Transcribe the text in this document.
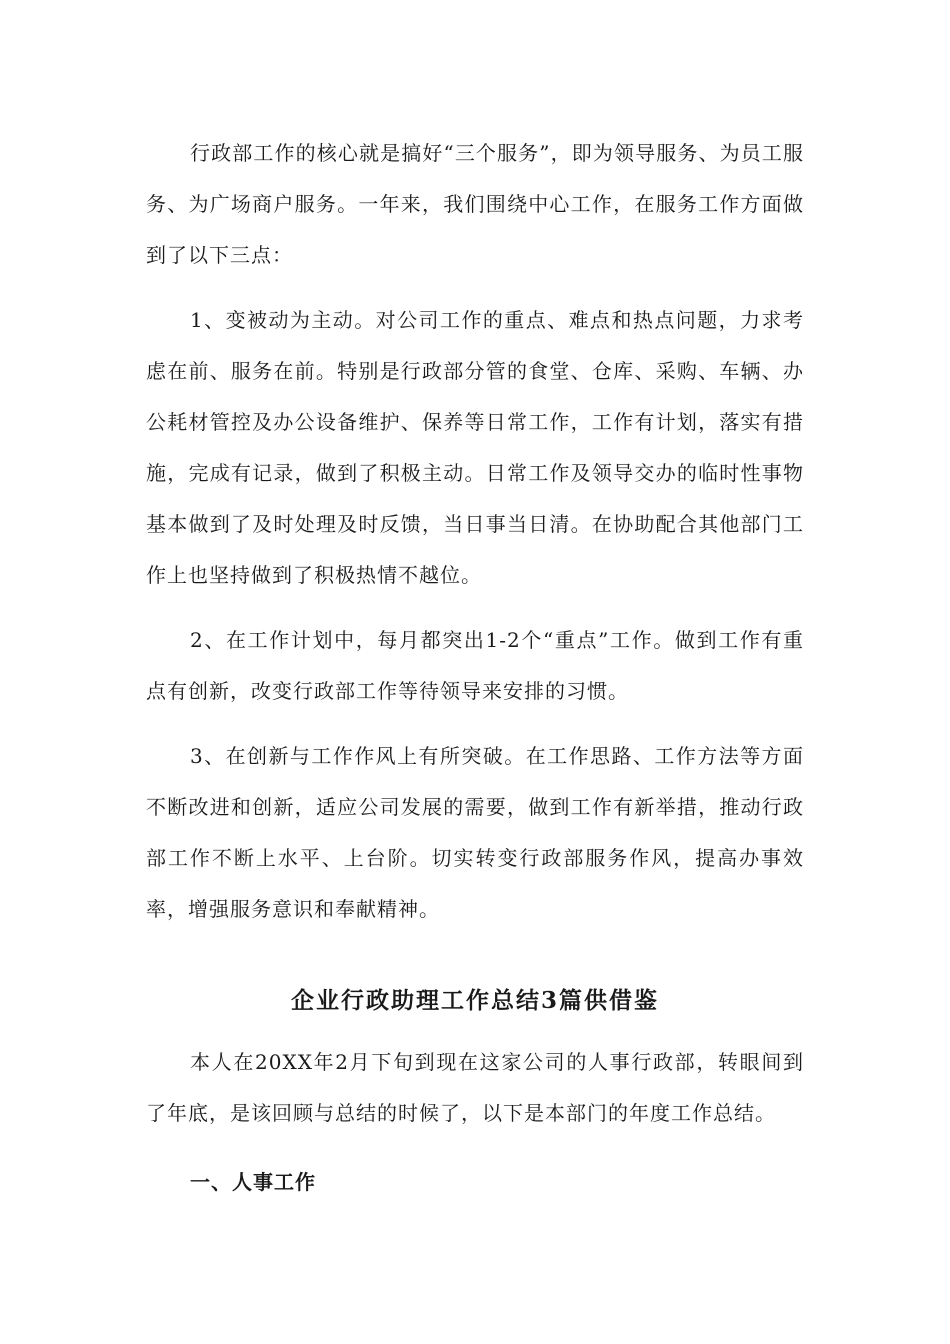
行政部工作的核心就是搞好“三个服务”，即为领导服务、为员工服务、为广场商户服务。一年来，我们围绕中心工作，在服务工作方面做到了以下三点：

1、变被动为主动。对公司工作的重点、难点和热点问题，力求考虑在前、服务在前。特别是行政部分管的食堂、仓库、采购、车辆、办公耗材管控及办公设备维护、保养等日常工作，工作有计划，落实有措施，完成有记录，做到了积极主动。日常工作及领导交办的临时性事物基本做到了及时处理及时反馈，当日事当日清。在协助配合其他部门工作上也坚持做到了积极热情不越位。

2、在工作计划中，每月都突出1-2个“重点”工作。做到工作有重点有创新，改变行政部工作等待领导来安排的习惯。

3、在创新与工作作风上有所突破。在工作思路、工作方法等方面不断改进和创新，适应公司发展的需要，做到工作有新举措，推动行政部工作不断上水平、上台阶。切实转变行政部服务作风，提高办事效率，增强服务意识和奉献精神。

企业行政助理工作总结3篇供借鉴

本人在20XX年2月下旬到现在这家公司的人事行政部，转眼间到了年底，是该回顾与总结的时候了，以下是本部门的年度工作总结。

一、人事工作
